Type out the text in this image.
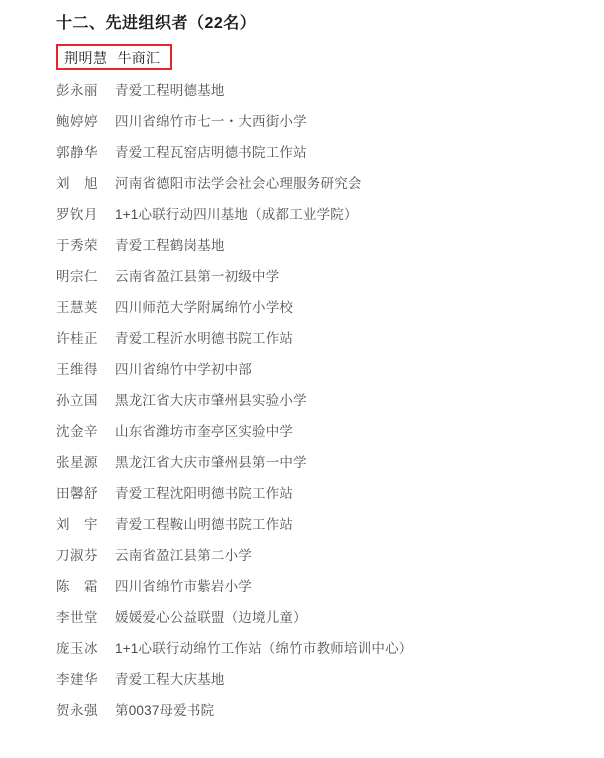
十二、先进组织者（22名）
荆明慧 牛商汇
彭永丽	青爱工程明德基地
鲍婷婷	四川省绵竹市七一・大西街小学
郭静华	青爱工程瓦窑店明德书院工作站
刘　旭	河南省德阳市法学会社会心理服务研究会
罗钦月	1+1心联行动四川基地（成都工业学院）
于秀荣	青爱工程鹤岗基地
明宗仁	云南省盈江县第一初级中学
王慧荚	四川师范大学附属绵竹小学校
许桂正	青爱工程沂水明德书院工作站
王维得	四川省绵竹中学初中部
孙立国	黑龙江省大庆市肇州县实验小学
沈金辛	山东省潍坊市奎亭区实验中学
张星源	黑龙江省大庆市肇州县第一中学
田馨舒	青爱工程沈阳明德书院工作站
刘　宇	青爱工程鞍山明德书院工作站
刀淑芬	云南省盈江县第二小学
陈　霜	四川省绵竹市紫岩小学
李世堂	媛媛爱心公益联盟（边境儿童）
庞玉冰	1+1心联行动绵竹工作站（绵竹市教师培训中心）
李建华	青爱工程大庆基地
贺永强	第0037母爱书院
